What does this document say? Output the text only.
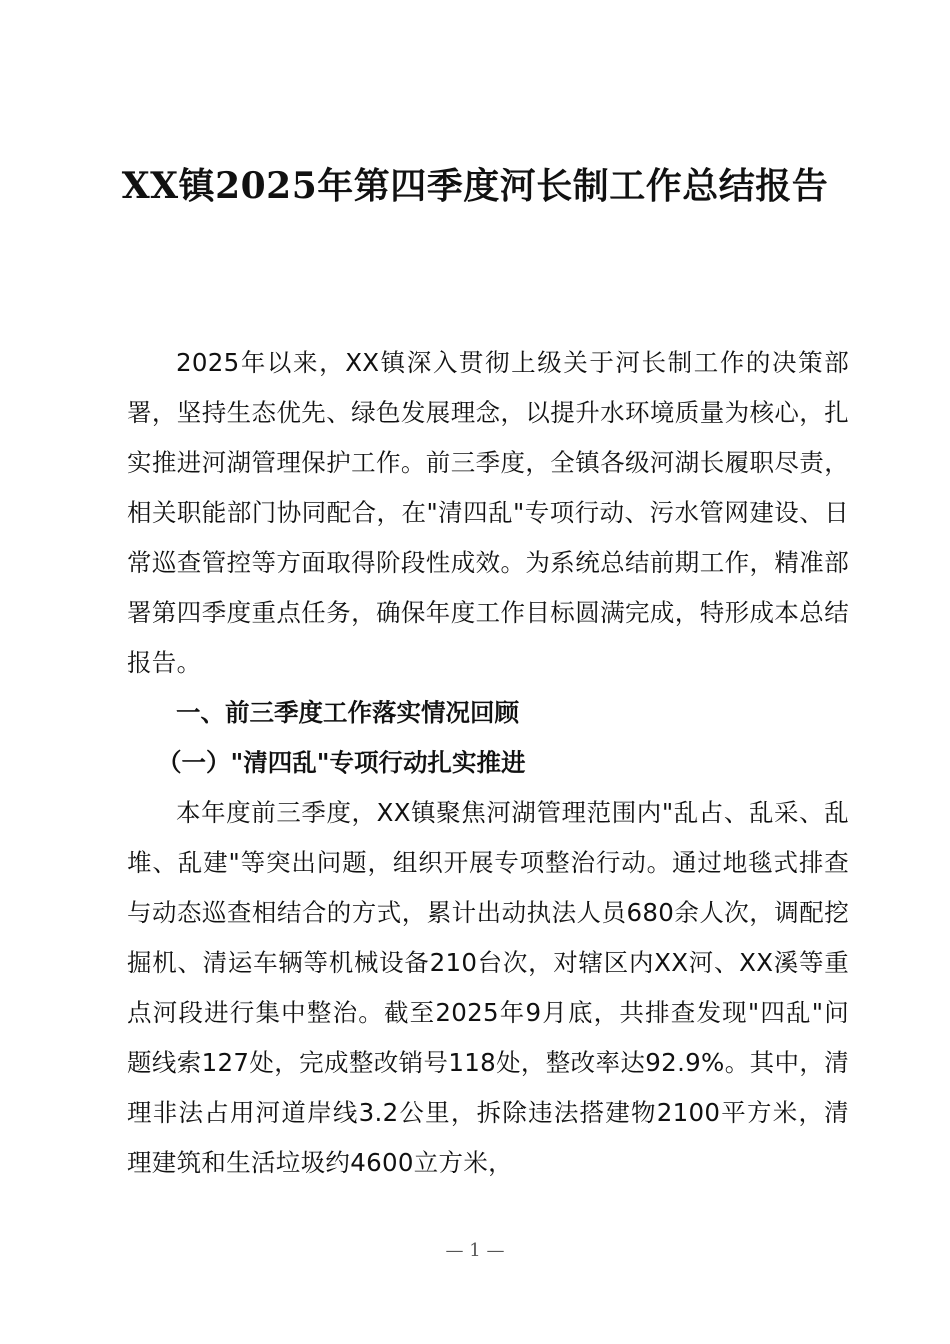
XX镇2025年第四季度河长制工作总结报告

2025年以来，XX镇深入贯彻上级关于河长制工作的决策部署，坚持生态优先、绿色发展理念，以提升水环境质量为核心，扎实推进河湖管理保护工作。前三季度，全镇各级河湖长履职尽责，相关职能部门协同配合，在"清四乱"专项行动、污水管网建设、日常巡查管控等方面取得阶段性成效。为系统总结前期工作，精准部署第四季度重点任务，确保年度工作目标圆满完成，特形成本总结报告。

一、前三季度工作落实情况回顾

（一）"清四乱"专项行动扎实推进

本年度前三季度，XX镇聚焦河湖管理范围内"乱占、乱采、乱堆、乱建"等突出问题，组织开展专项整治行动。通过地毯式排查与动态巡查相结合的方式，累计出动执法人员680余人次，调配挖掘机、清运车辆等机械设备210台次，对辖区内XX河、XX溪等重点河段进行集中整治。截至2025年9月底，共排查发现"四乱"问题线索127处，完成整改销号118处，整改率达92.9%。其中，清理非法占用河道岸线3.2公里，拆除违法搭建物2100平方米，清理建筑和生活垃圾约4600立方米，

— 1 —
